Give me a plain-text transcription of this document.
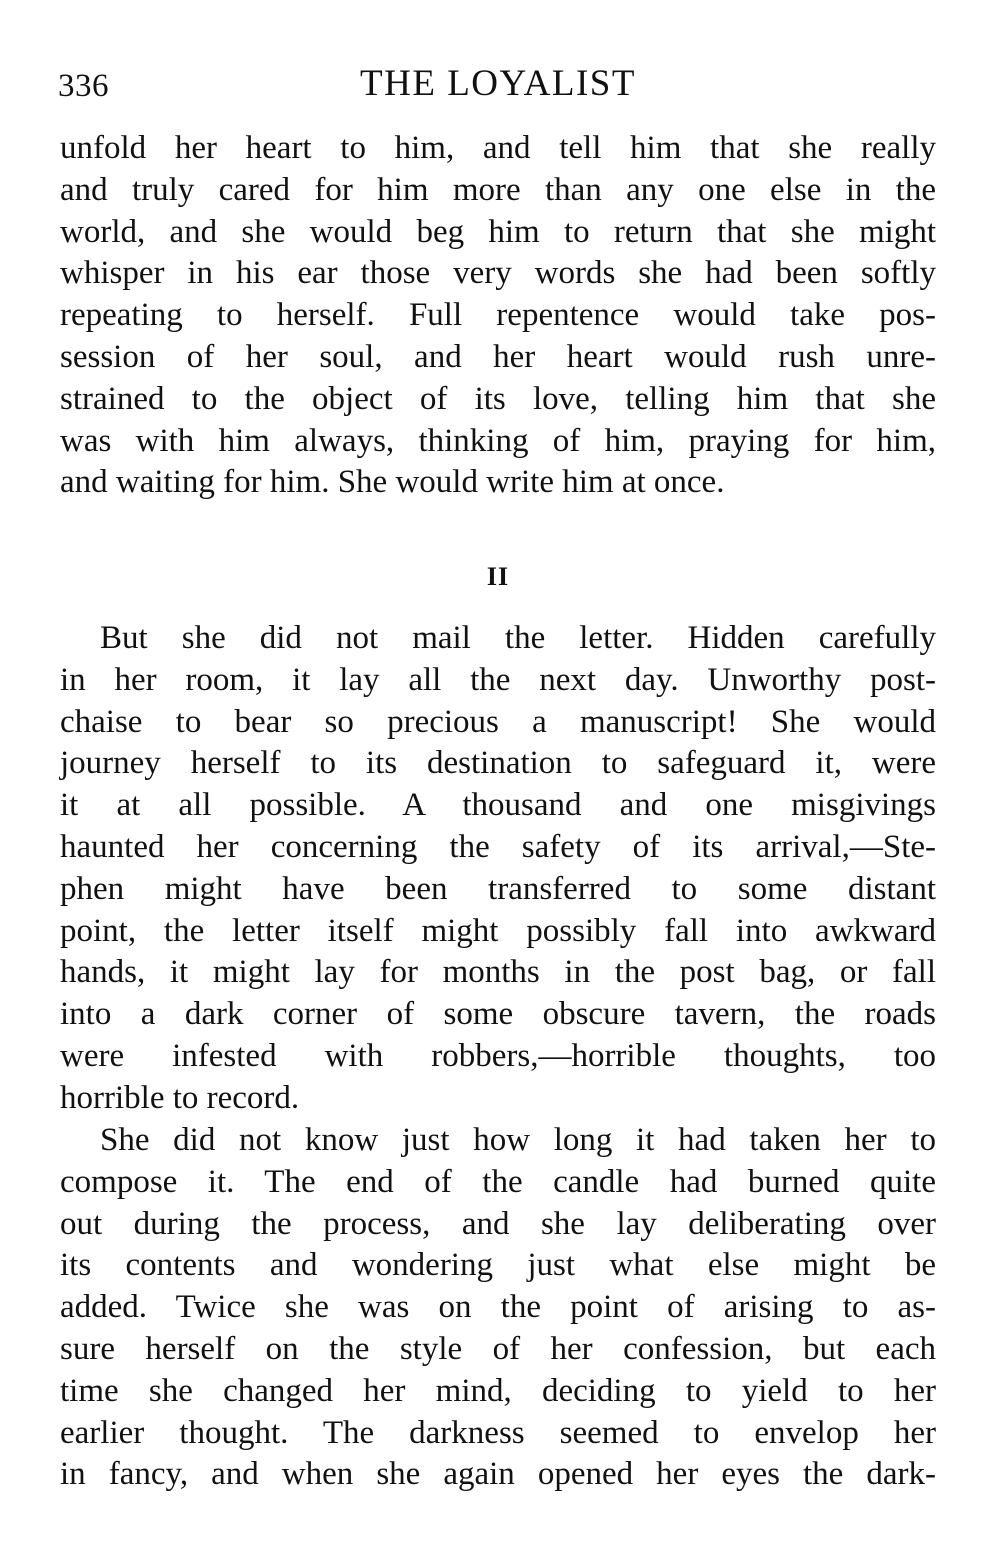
336	THE LOYALIST
unfold her heart to him, and tell him that she really
and truly cared for him more than any one else in the
world, and she would beg him to return that she might
whisper in his ear those very words she had been softly
repeating to herself. Full repentence would take pos-
session of her soul, and her heart would rush unre-
strained to the object of its love, telling him that she
was with him always, thinking of him, praying for him,
and waiting for him. She would write him at once.
II
But she did not mail the letter. Hidden carefully
in her room, it lay all the next day. Unworthy post-
chaise to bear so precious a manuscript! She would
journey herself to its destination to safeguard it, were
it at all possible. A thousand and one misgivings
haunted her concerning the safety of its arrival,—Ste-
phen might have been transferred to some distant
point, the letter itself might possibly fall into awkward
hands, it might lay for months in the post bag, or fall
into a dark corner of some obscure tavern, the roads
were infested with robbers,—horrible thoughts, too
horrible to record.
She did not know just how long it had taken her to
compose it. The end of the candle had burned quite
out during the process, and she lay deliberating over
its contents and wondering just what else might be
added. Twice she was on the point of arising to as-
sure herself on the style of her confession, but each
time she changed her mind, deciding to yield to her
earlier thought. The darkness seemed to envelop her
in fancy, and when she again opened her eyes the dark-
